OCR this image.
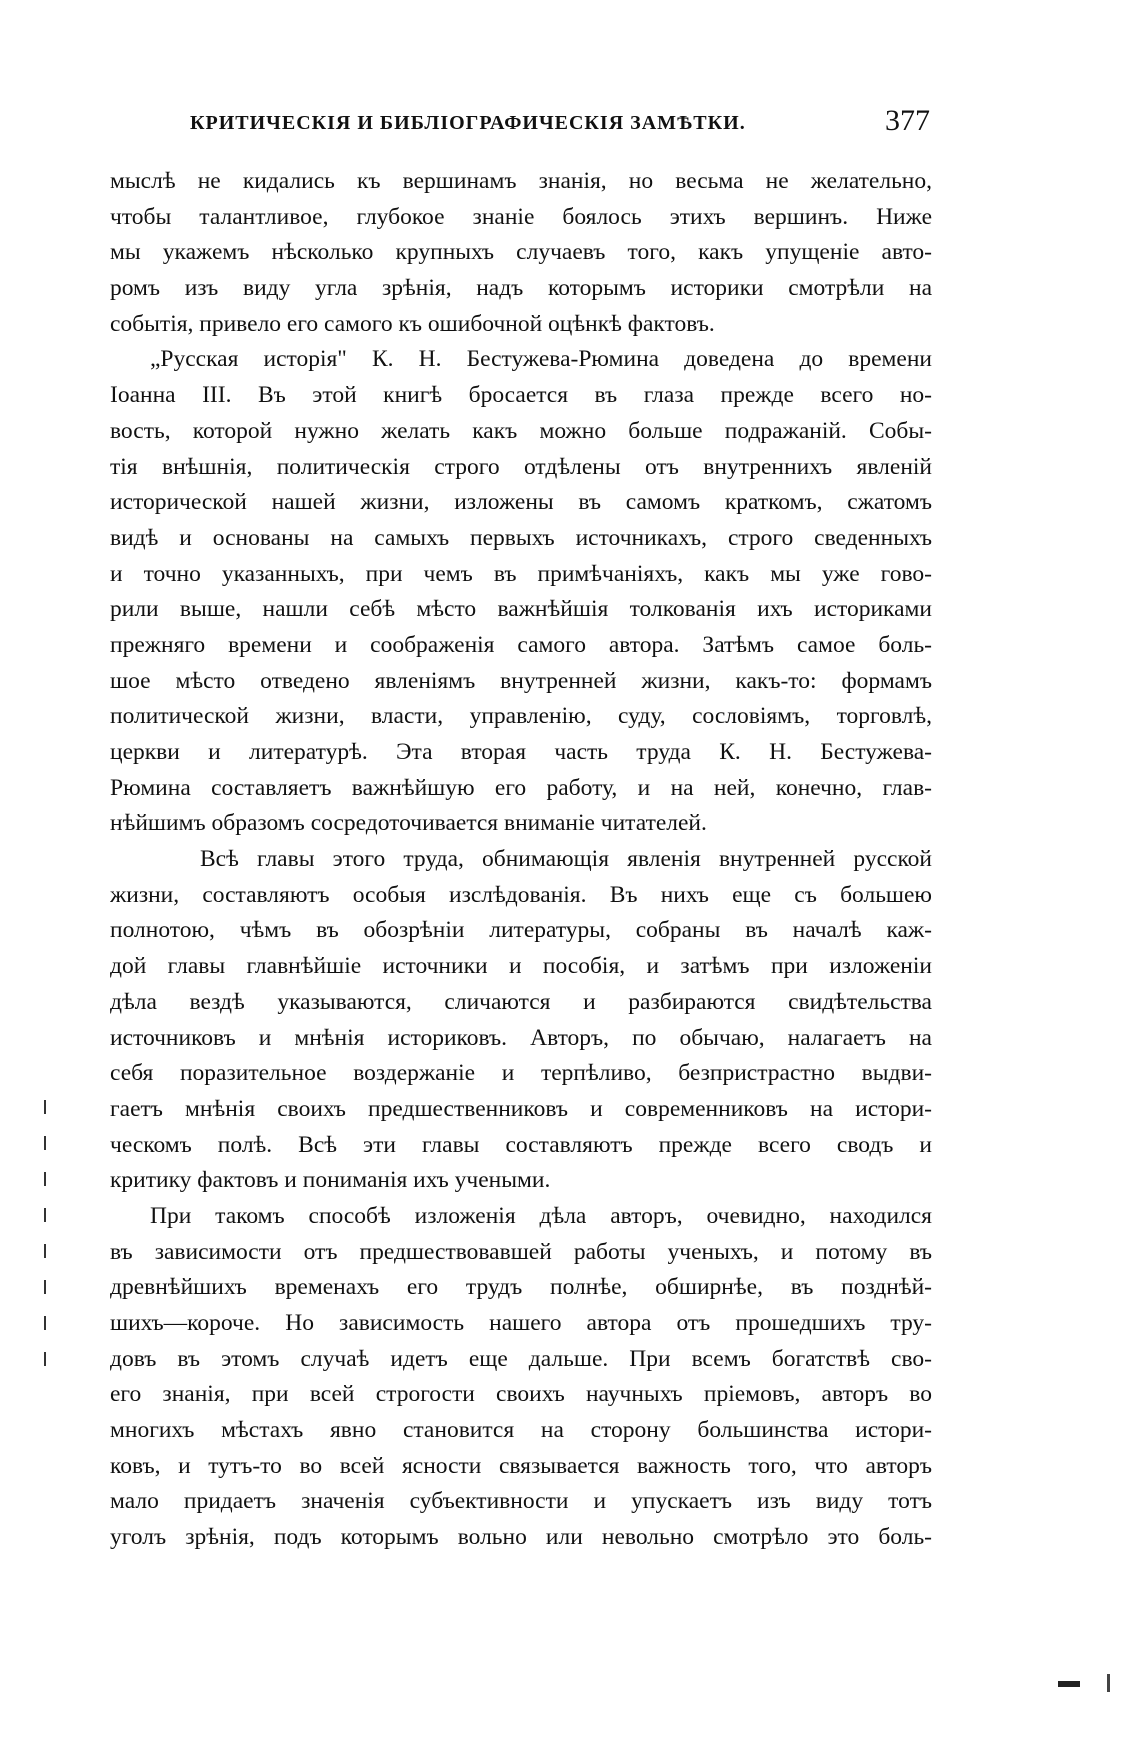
КРИТИЧЕСКІЯ И БИБЛІОГРАФИЧЕСКІЯ ЗАМѢТКИ.	377
мыслѣ не кидались къ вершинамъ знанія, но весьма не желательно,
чтобы талантливое, глубокое знаніе боялось этихъ вершинъ. Ниже
мы укажемъ нѣсколько крупныхъ случаевъ того, какъ упущеніе авто-
ромъ изъ виду угла зрѣнія, надъ которымъ историки смотрѣли на
событія, привело его самого къ ошибочной оцѣнкѣ фактовъ.
„Русская исторія" К. Н. Бестужева-Рюмина доведена до времени
Іоанна III. Въ этой книгѣ бросается въ глаза прежде всего но-
вость, которой нужно желать какъ можно больше подражаній. Собы-
тія внѣшнія, политическія строго отдѣлены отъ внутреннихъ явленій
исторической нашей жизни, изложены въ самомъ краткомъ, сжатомъ
видѣ и основаны на самыхъ первыхъ источникахъ, строго сведенныхъ
и точно указанныхъ, при чемъ въ примѣчаніяхъ, какъ мы уже гово-
рили выше, нашли себѣ мѣсто важнѣйшія толкованія ихъ историками
прежняго времени и соображенія самого автора. Затѣмъ самое боль-
шое мѣсто отведено явленіямъ внутренней жизни, какъ-то: формамъ
политической жизни, власти, управленію, суду, сословіямъ, торговлѣ,
церкви и литературѣ. Эта вторая часть труда К. Н. Бестужева-
Рюмина составляетъ важнѣйшую его работу, и на ней, конечно, глав-
нѣйшимъ образомъ сосредоточивается вниманіе читателей.
Всѣ главы этого труда, обнимающія явленія внутренней русской
жизни, составляютъ особыя изслѣдованія. Въ нихъ еще съ большею
полнотою, чѣмъ въ обозрѣніи литературы, собраны въ началѣ каж-
дой главы главнѣйшіе источники и пособія, и затѣмъ при изложеніи
дѣла вездѣ указываются, сличаются и разбираются свидѣтельства
источниковъ и мнѣнія историковъ. Авторъ, по обычаю, налагаетъ на
себя поразительное воздержаніе и терпѣливо, безпристрастно выдви-
гаетъ мнѣнія своихъ предшественниковъ и современниковъ на истори-
ческомъ полѣ. Всѣ эти главы составляютъ прежде всего сводъ и
критику фактовъ и пониманія ихъ учеными.
При такомъ способѣ изложенія дѣла авторъ, очевидно, находился
въ зависимости отъ предшествовавшей работы ученыхъ, и потому въ
древнѣйшихъ временахъ его трудъ полнѣе, обширнѣе, въ позднѣй-
шихъ—короче. Но зависимость нашего автора отъ прошедшихъ тру-
довъ въ этомъ случаѣ идетъ еще дальше. При всемъ богатствѣ сво-
его знанія, при всей строгости своихъ научныхъ пріемовъ, авторъ во
многихъ мѣстахъ явно становится на сторону большинства истори-
ковъ, и тутъ-то во всей ясности связывается важность того, что авторъ
мало придаетъ значенія субъективности и упускаетъ изъ виду тотъ
уголъ зрѣнія, подъ которымъ вольно или невольно смотрѣло это боль-
